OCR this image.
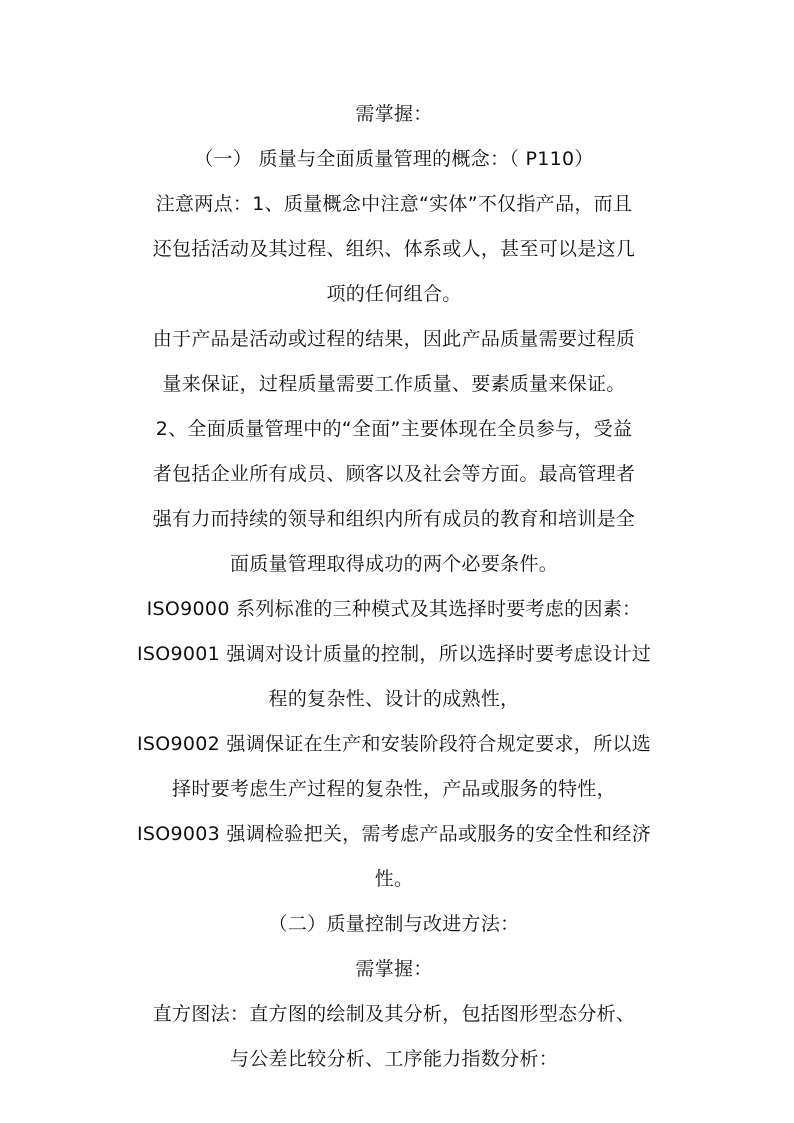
需掌握：
（一） 质量与全面质量管理的概念：（ P110）
注意两点：1、质量概念中注意“实体”不仅指产品，而且
还包括活动及其过程、组织、体系或人，甚至可以是这几
项的任何组合。
由于产品是活动或过程的结果，因此产品质量需要过程质
量来保证，过程质量需要工作质量、要素质量来保证。
2、全面质量管理中的“全面”主要体现在全员参与，受益
者包括企业所有成员、顾客以及社会等方面。最高管理者
强有力而持续的领导和组织内所有成员的教育和培训是全
面质量管理取得成功的两个必要条件。
ISO9000 系列标准的三种模式及其选择时要考虑的因素：
ISO9001 强调对设计质量的控制，所以选择时要考虑设计过
程的复杂性、设计的成熟性，
ISO9002 强调保证在生产和安装阶段符合规定要求，所以选
择时要考虑生产过程的复杂性，产品或服务的特性，
ISO9003 强调检验把关，需考虑产品或服务的安全性和经济
性。
（二）质量控制与改进方法：
需掌握：
直方图法：直方图的绘制及其分析，包括图形型态分析、
与公差比较分析、工序能力指数分析：
